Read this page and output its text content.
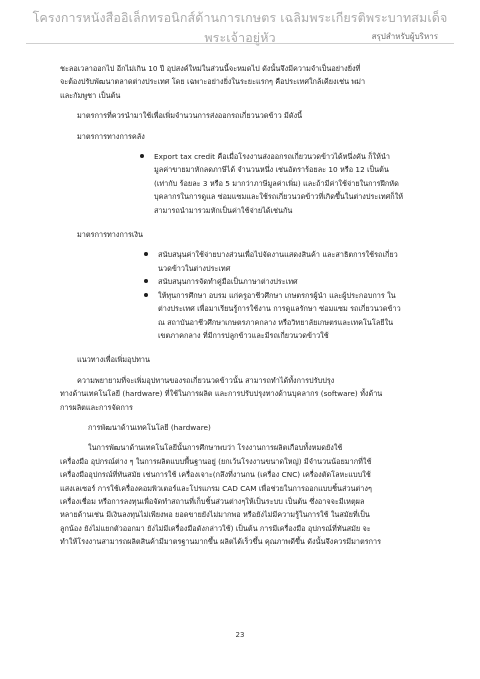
โครงการหนังสืออิเล็กทรอนิกส์ด้านการเกษตร เฉลิมพระเกียรติพระบาทสมเด็จพระเจ้าอยู่หัว	สรุปสำหรับผู้บริหาร

ชะลอเวลาออกไป อีกไม่เกิน 10 ปี อุปสงค์ใหม่ในส่วนนี้จะหมดไป ดังนั้นจึงมีความจำเป็นอย่างยิ่งที่

จะต้องปรับพัฒนาตลาดต่างประเทศ โดย เฉพาะอย่างยิ่งในระยะแรกๆ คือประเทศใกล้เคียงเช่น พม่า

และกัมพูชา เป็นต้น

มาตรการที่ควรนำมาใช้เพื่อเพิ่มจำนวนการส่งออกรถเกี่ยวนวดข้าว มีดังนี้

มาตรการทางการคลัง

Export tax credit คือเมื่อโรงงานส่งออกรถเกี่ยวนวดข้าวได้หนึ่งคัน ก็ให้นำ

มูลค่าขายมาหักลดภาษีได้ จำนวนหนึ่ง เช่นอัตราร้อยละ 10 หรือ 12 เป็นต้น

(เท่ากับ ร้อยละ 3 หรือ 5 มากว่าภาษีมูลค่าเพิ่ม) และถ้ามีค่าใช้จ่ายในการฝึกหัด

บุคลากรในการดูแล ซ่อมแซมและใช้รถเกี่ยวนวดข้าวที่เกิดขึ้นในต่างประเทศก็ให้

สามารถนำมารวมหักเป็นค่าใช้จ่ายได้เช่นกัน

มาตรการทางการเงิน

สนับสนุนค่าใช้จ่ายบางส่วนเพื่อไปจัดงานแสดงสินค้า และสาธิตการใช้รถเกี่ยว

นวดข้าวในต่างประเทศ

สนับสนุนการจัดทำคู่มือเป็นภาษาต่างประเทศ

ให้ทุนการศึกษา อบรม แก่ครูอาชีวศึกษา เกษตรกรผู้นำ และผู้ประกอบการ ใน

ต่างประเทศ เพื่อมาเรียนรู้การใช้งาน การดูแลรักษา ซ่อมแซม รถเกี่ยวนวดข้าว

ณ สถาบันอาชีวศึกษาเกษตรภาคกลาง หรือวิทยาลัยเกษตรและเทคโนโลยีใน

เขตภาคกลาง ที่มีการปลูกข้าวและมีรถเกี่ยวนวดข้าวใช้

แนวทางเพื่อเพิ่มอุปทาน

ความพยายามที่จะเพิ่มอุปทานของรถเกี่ยวนวดข้าวนั้น สามารถทำได้ทั้งการปรับปรุง

ทางด้านเทคโนโลยี (hardware) ที่ใช้ในการผลิต และการปรับปรุงทางด้านบุคลากร (software) ทั้งด้าน

การผลิตและการจัดการ

การพัฒนาด้านเทคโนโลยี (hardware)

ในการพัฒนาด้านเทคโนโลยีนั้นการศึกษาพบว่า โรงงานการผลิตเกือบทั้งหมดยังใช้

เครื่องมือ อุปกรณ์ต่าง ๆ ในการผลิตแบบพื้นฐานอยู่ (ยกเว้นโรงงานขนาดใหญ่) มีจำนวนน้อยมากที่ใช้

เครื่องมืออุปกรณ์ที่ทันสมัย เช่นการใช้ เครื่องเจาะ(กลึงที่งานกน (เครื่อง CNC) เครื่องตัดโลหะแบบใช้

แสงเลเซอร์ การใช้เครื่องคอมพิวเตอร์และโปรแกรม CAD CAM เพื่อช่วยในการออกแบบชิ้นส่วนต่างๆ

เครื่องเชื่อม หรือการลงทุนเพื่อจัดทำสถานที่เก็บชิ้นส่วนต่างๆให้เป็นระบบ เป็นต้น ซึ่งอาจจะมีเหตุผล

หลายด้านเช่น มีเงินลงทุนไม่เพียงพอ ยอดขายยังไม่มากพอ หรือยังไม่มีความรู้ในการใช้ ในสมัยที่เป็น

ลูกน้อง ยังไม่แยกตัวออกมา ยังไม่มีเครื่องมือดังกล่าวใช้) เป็นต้น การมีเครื่องมือ อุปกรณ์ที่ทันสมัย จะ

ทำให้โรงงานสามารถผลิตสินค้ามีมาตรฐานมากขึ้น ผลิตได้เร็วขึ้น คุณภาพดีขึ้น ดังนั้นจึงควรมีมาตรการ

23
